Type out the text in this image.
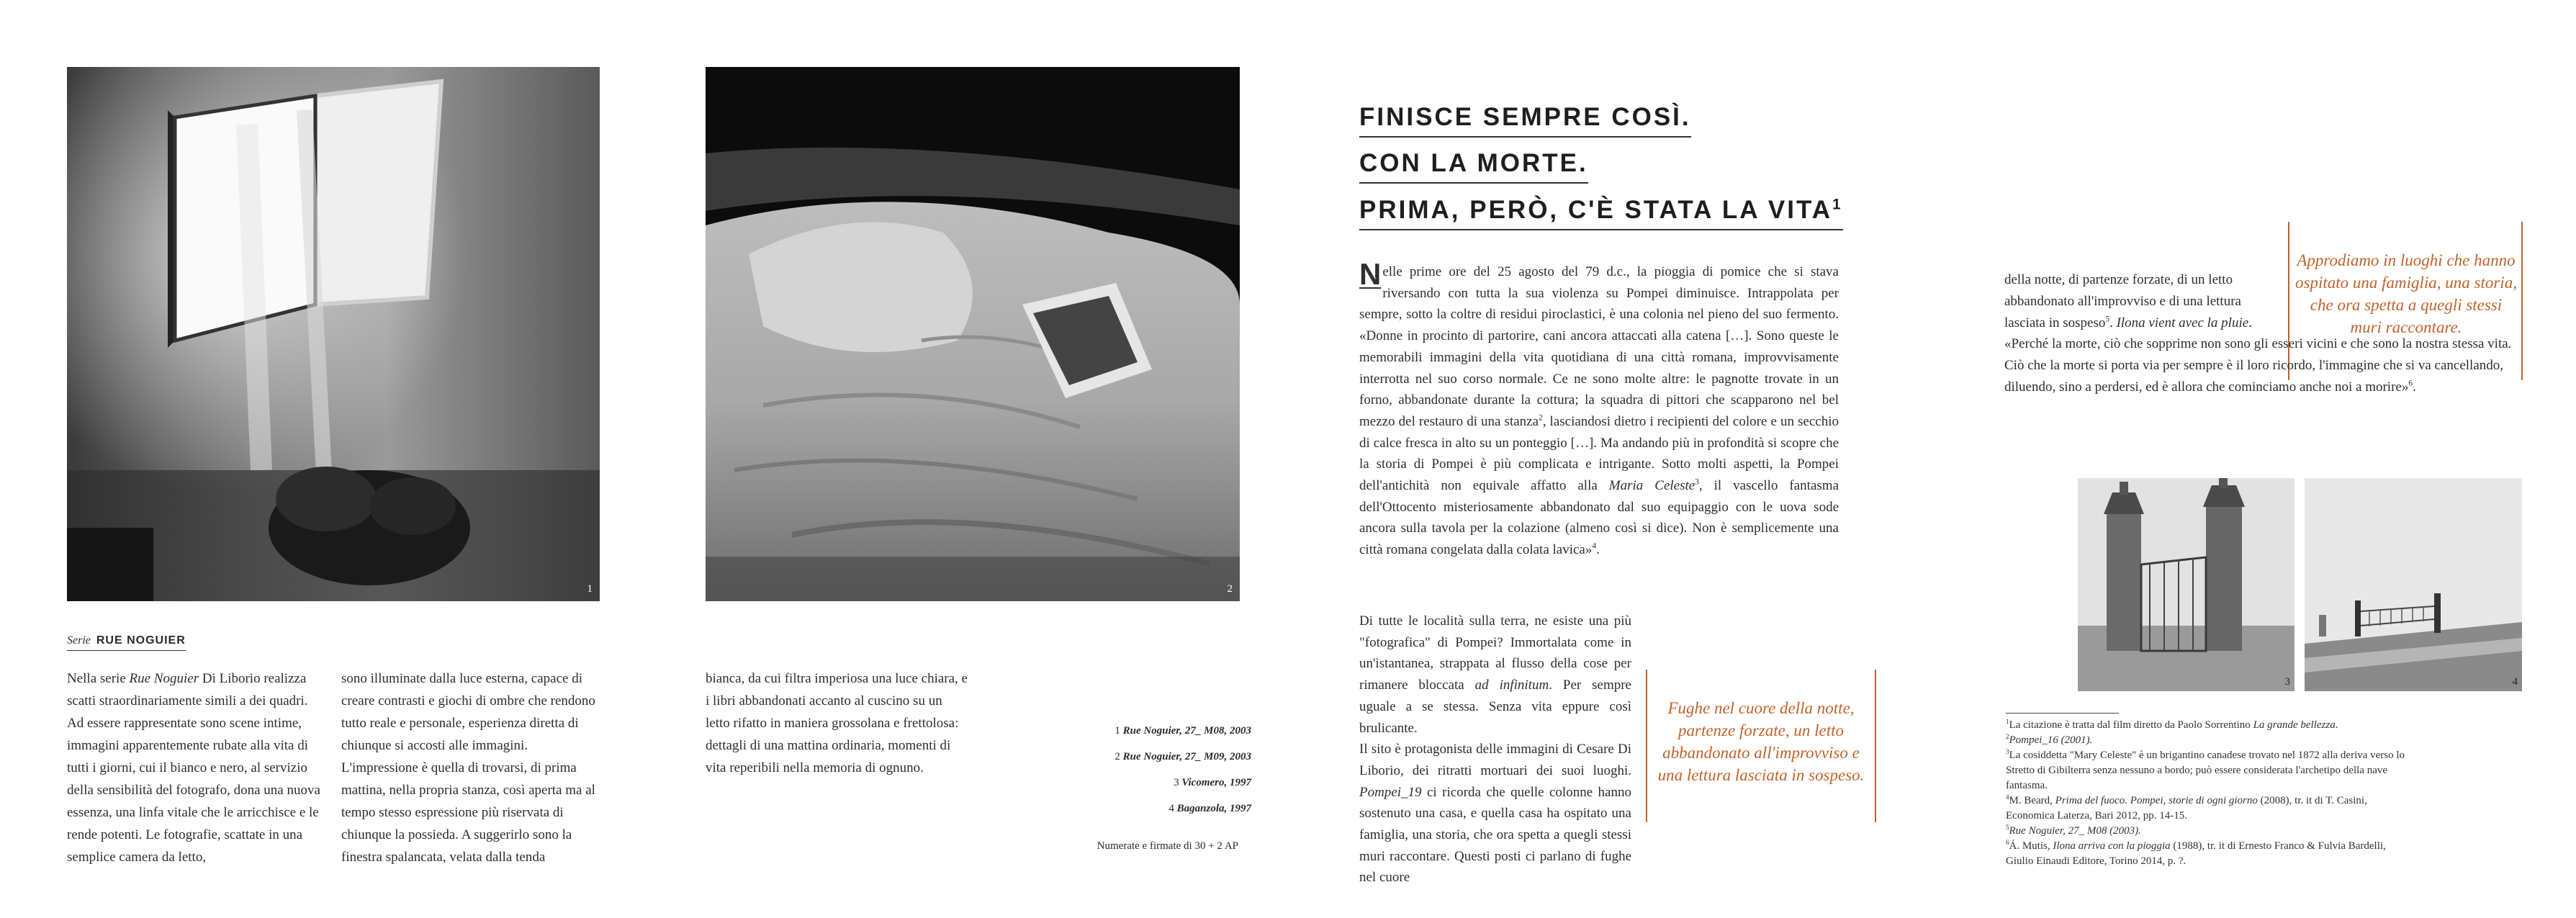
1	2
Serie RUE NOGUIER
Nella serie Rue Noguier Di Liborio realizza scatti straordinariamente simili a dei quadri. Ad essere rappresentate sono scene intime, immagini apparentemente rubate alla vita di tutti i giorni, cui il bianco e nero, al servizio della sensibilità del fotografo, dona una nuova essenza, una linfa vitale che le arricchisce e le rende potenti. Le fotografie, scattate in una semplice camera da letto,
sono illuminate dalla luce esterna, capace di creare contrasti e giochi di ombre che rendono tutto reale e personale, esperienza diretta di chiunque si accosti alle immagini. L'impressione è quella di trovarsi, di prima mattina, nella propria stanza, così aperta ma al tempo stesso espressione più riservata di chiunque la possieda. A suggerirlo sono la finestra spalancata, velata dalla tenda
bianca, da cui filtra imperiosa una luce chiara, e i libri abbandonati accanto al cuscino su un letto rifatto in maniera grossolana e frettolosa: dettagli di una mattina ordinaria, momenti di vita reperibili nella memoria di ognuno.
1 Rue Noguier, 27_ M08, 2003
2 Rue Noguier, 27_ M09, 2003
3 Vicomero, 1997
4 Baganzola, 1997
Numerate e firmate di 30 + 2 AP
FINISCE SEMPRE COSÌ.
CON LA MORTE.
PRIMA, PERÒ, C'È STATA LA VITA$^1$
N elle prime ore del 25 agosto del 79 d.c., la pioggia di pomice che si stava riversando con tutta la sua violenza su Pompei diminuisce. Intrappolata per sempre, sotto la coltre di residui piroclastici, è una colonia nel pieno del suo fermento. «Donne in procinto di partorire, cani ancora attaccati alla catena […]. Sono queste le memorabili immagini della vita quotidiana di una città romana, improvvisamente interrotta nel suo corso normale. Ce ne sono molte altre: le pagnotte trovate in un forno, abbandonate durante la cottura; la squadra di pittori che scapparono nel bel mezzo del restauro di una stanza$^2$, lasciandosi dietro i recipienti del colore e un secchio di calce fresca in alto su un ponteggio […]. Ma andando più in profondità si scopre che la storia di Pompei è più complicata e intrigante. Sotto molti aspetti, la Pompei dell'antichità non equivale affatto alla Maria Celeste$^3$, il vascello fantasma dell'Ottocento misteriosamente abbandonato dal suo equipaggio con le uova sode ancora sulla tavola per la colazione (almeno così si dice). Non è semplicemente una città romana congelata dalla colata lavica»$^4$.
Di tutte le località sulla terra, ne esiste una più "fotografica" di Pompei? Immortalata come in un'istantanea, strappata al flusso della cose per rimanere bloccata ad infinitum. Per sempre uguale a se stessa. Senza vita eppure così brulicante.
Il sito è protagonista delle immagini di Cesare Di Liborio, dei ritratti mortuari dei suoi luoghi. Pompei_19 ci ricorda che quelle colonne hanno sostenuto una casa, e quella casa ha ospitato una famiglia, una storia, che ora spetta a quegli stessi muri raccontare. Questi posti ci parlano di fughe nel cuore
Fughe nel cuore della notte, partenze forzate, un letto abbandonato all'improvviso e una lettura lasciata in sospeso.
Approdiamo in luoghi che hanno ospitato una famiglia, una storia, che ora spetta a quegli stessi muri raccontare.
della notte, di partenze forzate, di un letto abbandonato all'improvviso e di una lettura lasciata in sospeso$^5$. Ilona vient avec la pluie.
«Perché la morte, ciò che sopprime non sono gli esseri vicini e che sono la nostra stessa vita. Ciò che la morte si porta via per sempre è il loro ricordo, l'immagine che si va cancellando, diluendo, sino a perdersi, ed è allora che cominciamo anche noi a morire»$^6$.
3	4

$^1$La citazione è tratta dal film diretto da Paolo Sorrentino La grande bellezza.

$^2$Pompei_16 (2001).

$^3$La cosiddetta "Mary Celeste" è un brigantino canadese trovato nel 1872 alla deriva verso lo Stretto di Gibilterra senza nessuno a bordo; può essere considerata l'archetipo della nave fantasma.

$^4$M. Beard, Prima del fuoco. Pompei, storie di ogni giorno (2008), tr. it di T. Casini, Economica Laterza, Bari 2012, pp. 14-15.

$^5$Rue Noguier, 27_ M08 (2003).

$^6$Á. Mutis, Ilona arriva con la pioggia (1988), tr. it di Ernesto Franco & Fulvia Bardelli, Giulio Einaudi Editore, Torino 2014, p. ?.
